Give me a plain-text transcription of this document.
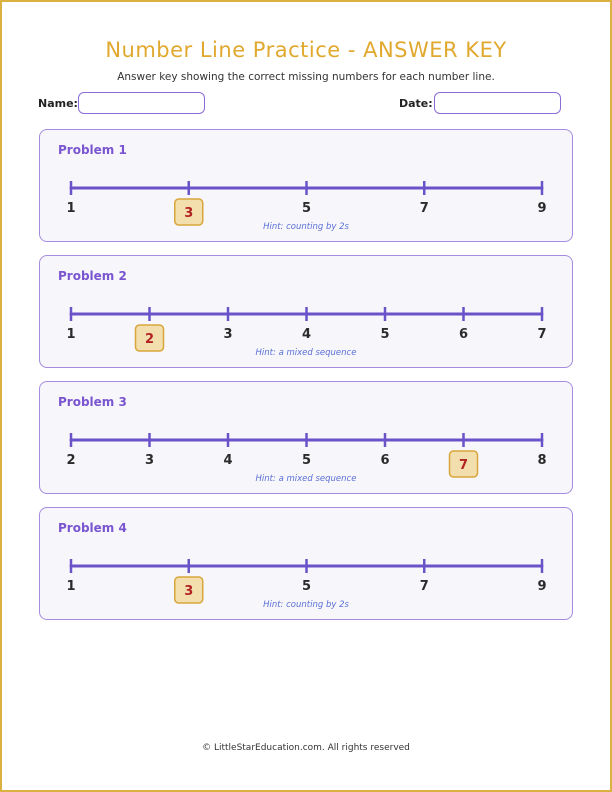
Number Line Practice - ANSWER KEY
Answer key showing the correct missing numbers for each number line.
Name:	Date:
Problem 1
1	3	5	7	9
Hint: counting by 2s
Problem 2
1	2	3	4	5	6	7
Hint: a mixed sequence
Problem 3
2	3	4	5	6	7	8
Hint: a mixed sequence
Problem 4
1	3	5	7	9
Hint: counting by 2s
© LittleStarEducation.com. All rights reserved
